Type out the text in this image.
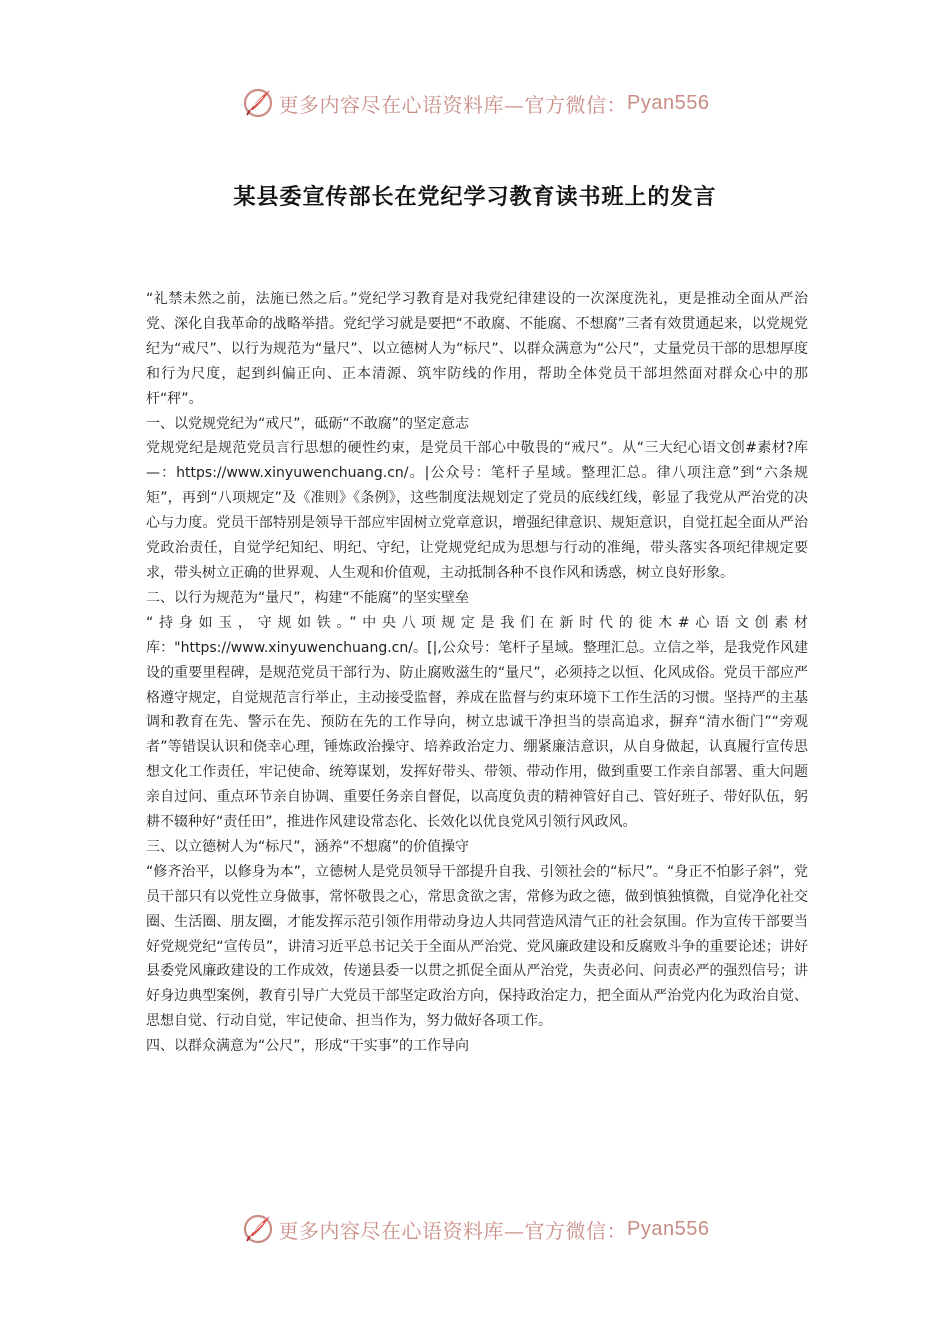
更多内容尽在心语资料库—官方微信： Pyan556
某县委宣传部长在党纪学习教育读书班上的发言

“礼禁未然之前，法施已然之后。”党纪学习教育是对我党纪律建设的一次深度洗礼，更是推动全面从严治党、深化自我革命的战略举措。党纪学习就是要把“不敢腐、不能腐、不想腐”三者有效贯通起来，以党规党纪为“戒尺”、以行为规范为“量尺”、以立德树人为“标尺”、以群众满意为“公尺”，丈量党员干部的思想厚度和行为尺度，起到纠偏正向、正本清源、筑牢防线的作用，帮助全体党员干部坦然面对群众心中的那杆“秤”。

一、以党规党纪为“戒尺”，砥砺“不敢腐”的坚定意志

党规党纪是规范党员言行思想的硬性约束，是党员干部心中敬畏的“戒尺”。从“三大纪心语文创#素材?库—：https://www.xinyuwenchuang.cn/。|公众号：笔杆子星域。整理汇总。律八项注意”到“六条规矩”，再到“八项规定”及《准则》《条例》，这些制度法规划定了党员的底线红线，彰显了我党从严治党的决心与力度。党员干部特别是领导干部应牢固树立党章意识，增强纪律意识、规矩意识，自觉扛起全面从严治党政治责任，自觉学纪知纪、明纪、守纪，让党规党纪成为思想与行动的准绳，带头落实各项纪律规定要求，带头树立正确的世界观、人生观和价值观，主动抵制各种不良作风和诱惑，树立良好形象。

二、以行为规范为“量尺”，构建“不能腐”的坚实壁垒

“持身如玉，守规如铁。”中央八项规定是我们在新时代的徙木#心语文创素材库："https://www.xinyuwenchuang.cn/。[|,公众号：笔杆子星域。整理汇总。立信之举，是我党作风建设的重要里程碑，是规范党员干部行为、防止腐败滋生的“量尺”，必须持之以恒、化风成俗。党员干部应严格遵守规定，自觉规范言行举止，主动接受监督，养成在监督与约束环境下工作生活的习惯。坚持严的主基调和教育在先、警示在先、预防在先的工作导向，树立忠诚干净担当的崇高追求，摒弃“清水衙门”“旁观者”等错误认识和侥幸心理，锤炼政治操守、培养政治定力、绷紧廉洁意识，从自身做起，认真履行宣传思想文化工作责任，牢记使命、统筹谋划，发挥好带头、带领、带动作用，做到重要工作亲自部署、重大问题亲自过问、重点环节亲自协调、重要任务亲自督促，以高度负责的精神管好自己、管好班子、带好队伍，躬耕不辍种好“责任田”，推进作风建设常态化、长效化以优良党风引领行风政风。

三、以立德树人为“标尺”，涵养“不想腐”的价值操守

“修齐治平，以修身为本”，立德树人是党员领导干部提升自我、引领社会的“标尺”。“身正不怕影子斜”，党员干部只有以党性立身做事，常怀敬畏之心，常思贪欲之害，常修为政之德，做到慎独慎微，自觉净化社交圈、生活圈、朋友圈，才能发挥示范引领作用带动身边人共同营造风清气正的社会氛围。作为宣传干部要当好党规党纪“宣传员”，讲清习近平总书记关于全面从严治党、党风廉政建设和反腐败斗争的重要论述；讲好县委党风廉政建设的工作成效，传递县委一以贯之抓促全面从严治党，失责必问、问责必严的强烈信号；讲好身边典型案例，教育引导广大党员干部坚定政治方向，保持政治定力，把全面从严治党内化为政治自觉、思想自觉、行动自觉，牢记使命、担当作为，努力做好各项工作。

四、以群众满意为“公尺”，形成“干实事”的工作导向

更多内容尽在心语资料库—官方微信： Pyan556
